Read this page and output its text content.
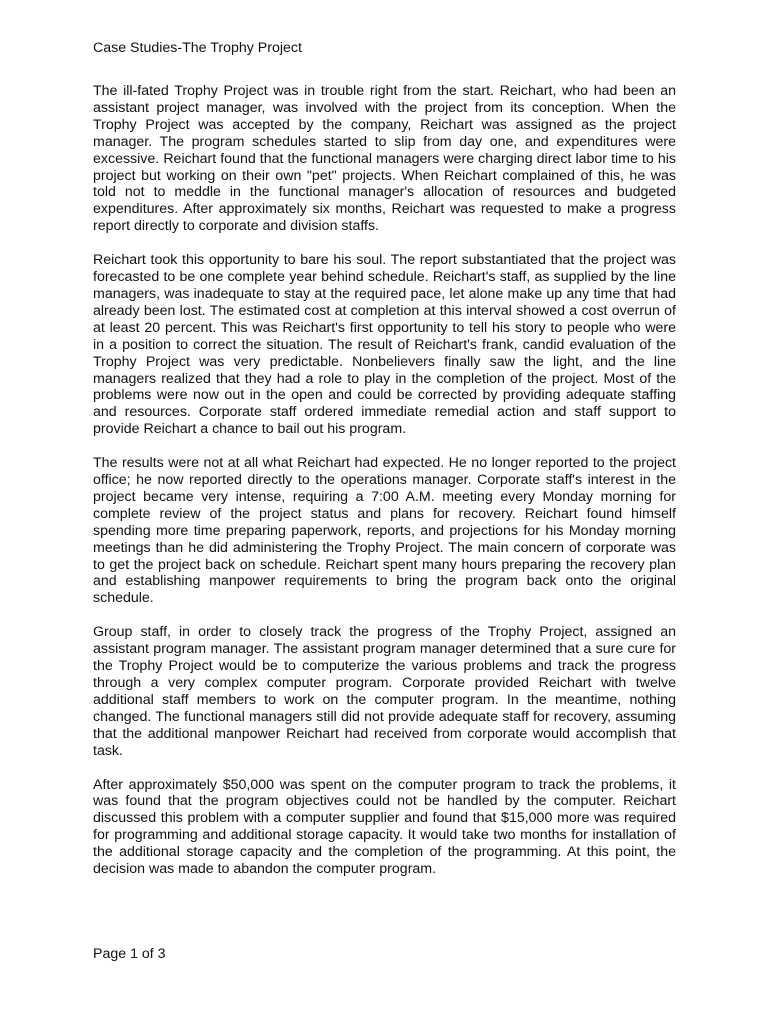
Case Studies-The Trophy Project

The ill-fated Trophy Project was in trouble right from the start. Reichart, who had been an assistant project manager, was involved with the project from its conception. When the Trophy Project was accepted by the company, Reichart was assigned as the project manager. The program schedules started to slip from day one, and expenditures were excessive. Reichart found that the functional managers were charging direct labor time to his project but working on their own "pet" projects. When Reichart complained of this, he was told not to meddle in the functional manager's allocation of resources and budgeted expenditures. After approximately six months, Reichart was requested to make a progress report directly to corporate and division staffs.

Reichart took this opportunity to bare his soul. The report substantiated that the project was forecasted to be one complete year behind schedule. Reichart's staff, as supplied by the line managers, was inadequate to stay at the required pace, let alone make up any time that had already been lost. The estimated cost at completion at this interval showed a cost overrun of at least 20 percent. This was Reichart's first opportunity to tell his story to people who were in a position to correct the situation. The result of Reichart's frank, candid evaluation of the Trophy Project was very predictable. Nonbelievers finally saw the light, and the line managers realized that they had a role to play in the completion of the project. Most of the problems were now out in the open and could be corrected by providing adequate staffing and resources. Corporate staff ordered immediate remedial action and staff support to provide Reichart a chance to bail out his program.

The results were not at all what Reichart had expected. He no longer reported to the project office; he now reported directly to the operations manager. Corporate staff's interest in the project became very intense, requiring a 7:00 A.M. meeting every Monday morning for complete review of the project status and plans for recovery. Reichart found himself spending more time preparing paperwork, reports, and projections for his Monday morning meetings than he did administering the Trophy Project. The main concern of corporate was to get the project back on schedule. Reichart spent many hours preparing the recovery plan and establishing manpower requirements to bring the program back onto the original schedule.

Group staff, in order to closely track the progress of the Trophy Project, assigned an assistant program manager. The assistant program manager determined that a sure cure for the Trophy Project would be to computerize the various problems and track the progress through a very complex computer program. Corporate provided Reichart with twelve additional staff members to work on the computer program. In the meantime, nothing changed. The functional managers still did not provide adequate staff for recovery, assuming that the additional manpower Reichart had received from corporate would accomplish that task.

After approximately $50,000 was spent on the computer program to track the problems, it was found that the program objectives could not be handled by the computer. Reichart discussed this problem with a computer supplier and found that $15,000 more was required for programming and additional storage capacity. It would take two months for installation of the additional storage capacity and the completion of the programming. At this point, the decision was made to abandon the computer program.

Page 1 of 3
